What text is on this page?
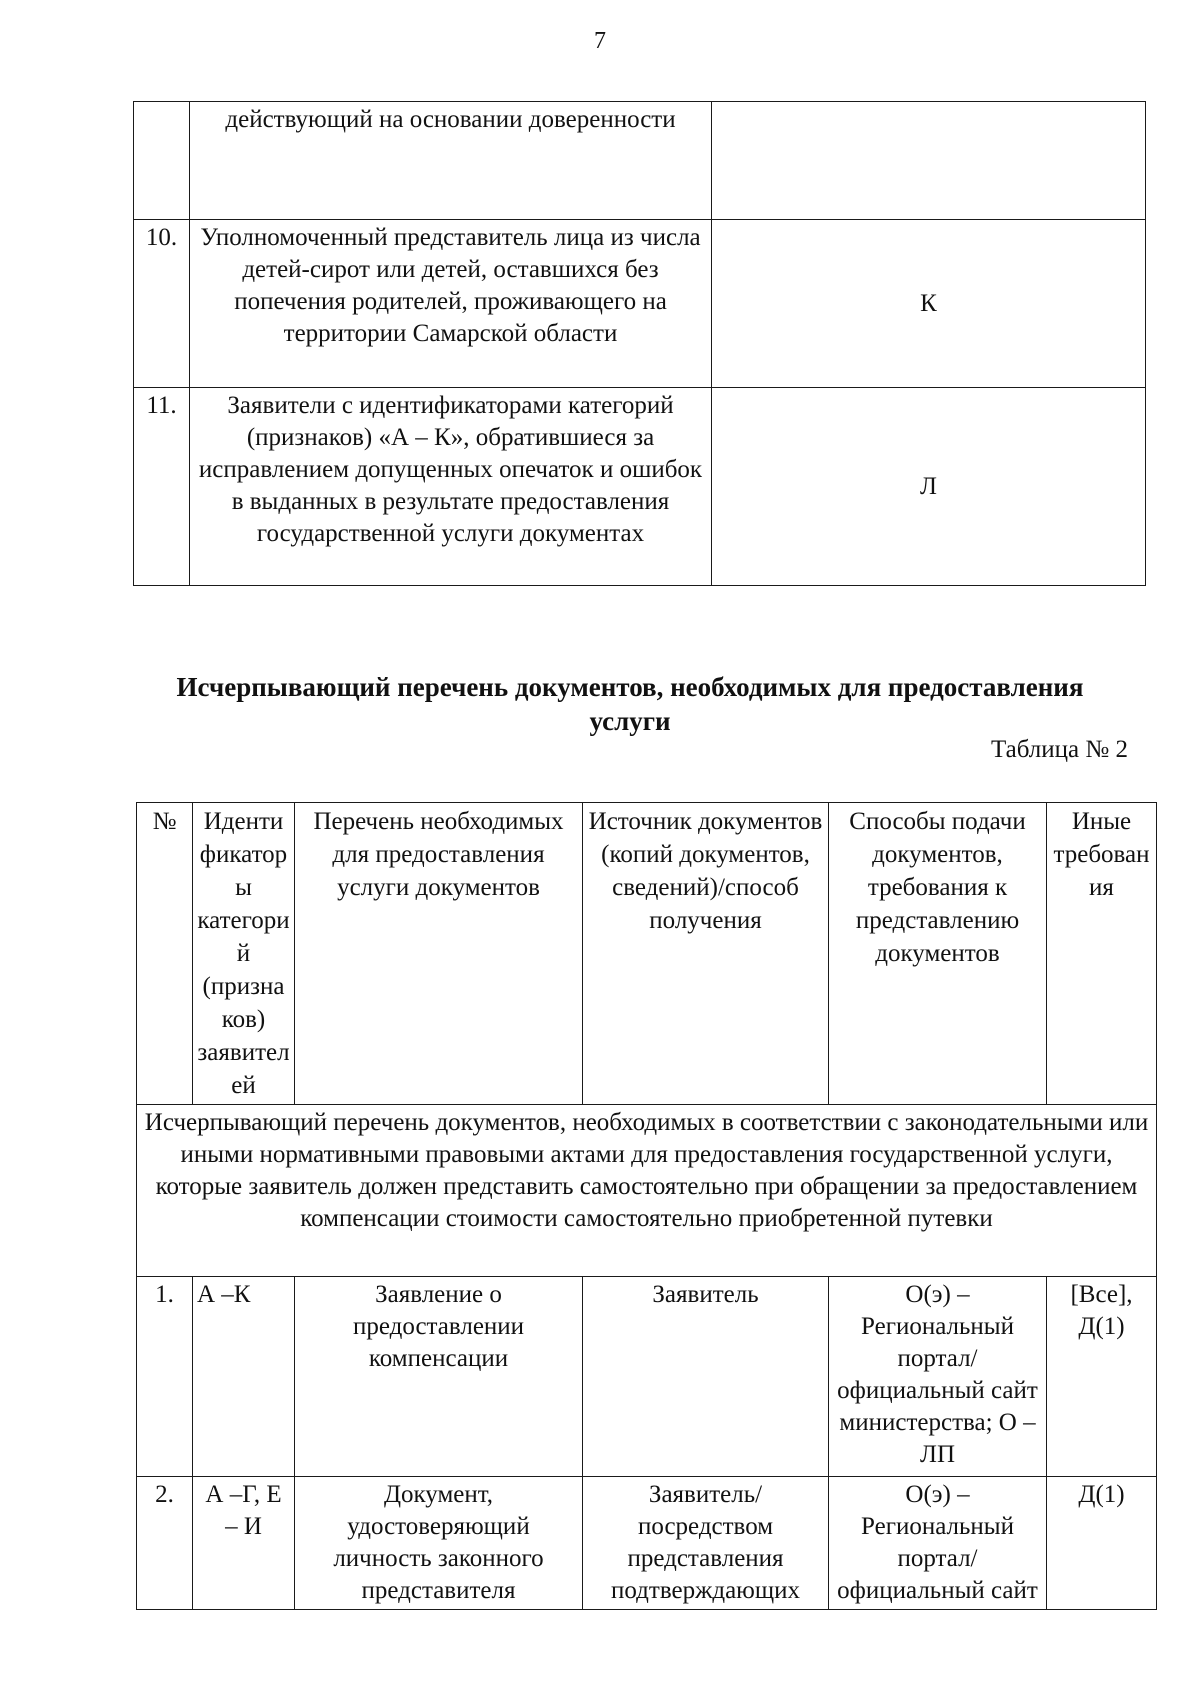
7
	действующий на основании доверенности	
10.	Уполномоченный представитель лица из числа детей-сирот или детей, оставшихся без попечения родителей, проживающего на территории Самарской области	К
11.	Заявители с идентификаторами категорий (признаков) «А – К», обратившиеся за исправлением допущенных опечаток и ошибок в выданных в результате предоставления государственной услуги документах	Л
Исчерпывающий перечень документов, необходимых для предоставления услуги
Таблица № 2
№	Идентификаторы категорий (признаков) заявителей	Перечень необходимых для предоставления услуги документов	Источник документов (копий документов, сведений)/способ получения	Способы подачи документов, требования к представлению документов	Иные требования
Исчерпывающий перечень документов, необходимых в соответствии с законодательными или иными нормативными правовыми актами для предоставления государственной услуги, которые заявитель должен представить самостоятельно при обращении за предоставлением компенсации стоимости самостоятельно приобретенной путевки					
1.	А –К	Заявление о предоставлении компенсации	Заявитель	О(э) – Региональный портал/официальный сайт министерства; О – ЛП	[Все], Д(1)
2.	А –Г, Е – И	Документ, удостоверяющий личность законного представителя	Заявитель/посредством представления подтверждающих	О(э) – Региональный портал/официальный сайт	Д(1)
